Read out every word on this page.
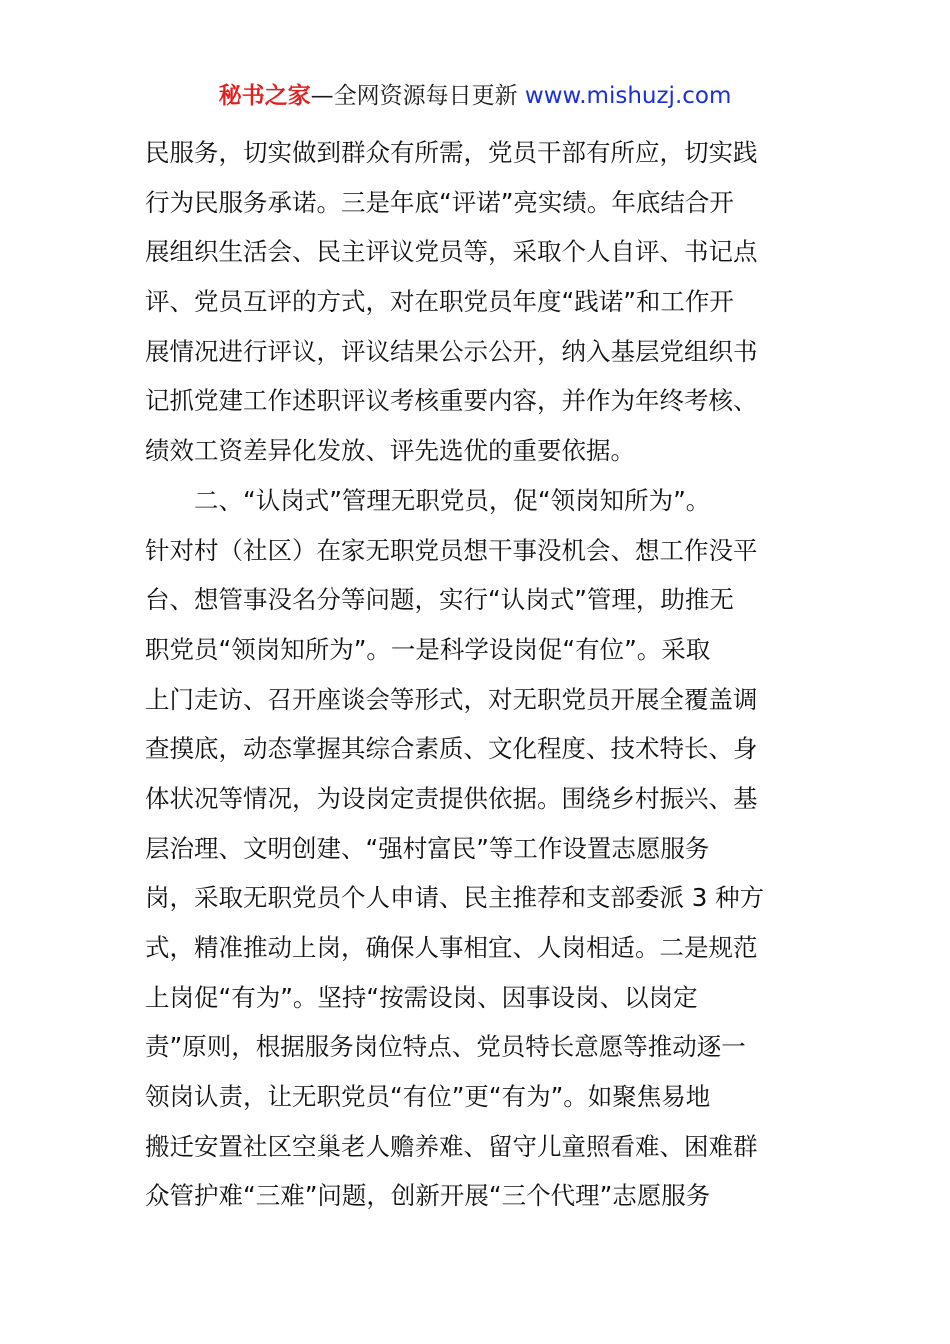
秘书之家—全网资源每日更新 www.mishuzj.com
民服务，切实做到群众有所需，党员干部有所应，切实践
行为民服务承诺。三是年底“评诺”亮实绩。年底结合开
展组织生活会、民主评议党员等，采取个人自评、书记点
评、党员互评的方式，对在职党员年度“践诺”和工作开
展情况进行评议，评议结果公示公开，纳入基层党组织书
记抓党建工作述职评议考核重要内容，并作为年终考核、
绩效工资差异化发放、评先选优的重要依据。
　　二、“认岗式”管理无职党员，促“领岗知所为”。
针对村（社区）在家无职党员想干事没机会、想工作没平
台、想管事没名分等问题，实行“认岗式”管理，助推无
职党员“领岗知所为”。一是科学设岗促“有位”。采取
上门走访、召开座谈会等形式，对无职党员开展全覆盖调
查摸底，动态掌握其综合素质、文化程度、技术特长、身
体状况等情况，为设岗定责提供依据。围绕乡村振兴、基
层治理、文明创建、“强村富民”等工作设置志愿服务
岗，采取无职党员个人申请、民主推荐和支部委派 3 种方
式，精准推动上岗，确保人事相宜、人岗相适。二是规范
上岗促“有为”。坚持“按需设岗、因事设岗、以岗定
责”原则，根据服务岗位特点、党员特长意愿等推动逐一
领岗认责，让无职党员“有位”更“有为”。如聚焦易地
搬迁安置社区空巢老人赡养难、留守儿童照看难、困难群
众管护难“三难”问题，创新开展“三个代理”志愿服务
